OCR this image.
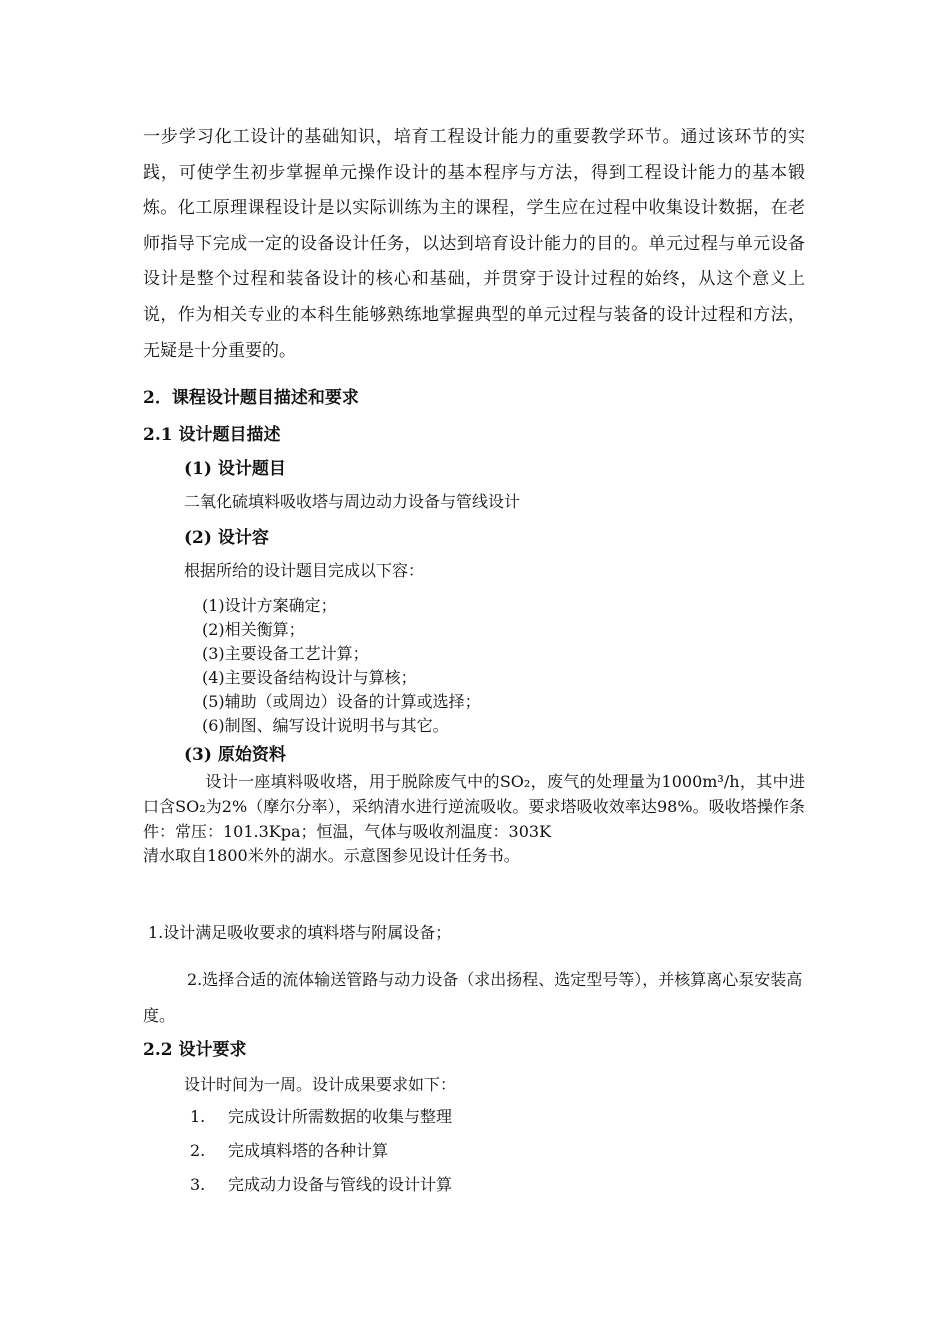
一步学习化工设计的基础知识，培育工程设计能力的重要教学环节。通过该环节的实践，可使学生初步掌握单元操作设计的基本程序与方法，得到工程设计能力的基本锻炼。化工原理课程设计是以实际训练为主的课程，学生应在过程中收集设计数据，在老师指导下完成一定的设备设计任务，以达到培育设计能力的目的。单元过程与单元设备设计是整个过程和装备设计的核心和基础，并贯穿于设计过程的始终，从这个意义上说，作为相关专业的本科生能够熟练地掌握典型的单元过程与装备的设计过程和方法，无疑是十分重要的。

2．课程设计题目描述和要求
2.1 设计题目描述
(1) 设计题目
二氧化硫填料吸收塔与周边动力设备与管线设计
(2) 设计容
根据所给的设计题目完成以下容：
(1)设计方案确定；
(2)相关衡算；
(3)主要设备工艺计算；
(4)主要设备结构设计与算核；
(5)辅助（或周边）设备的计算或选择；
(6)制图、编写设计说明书与其它。
(3) 原始资料

设计一座填料吸收塔，用于脱除废气中的SO₂，废气的处理量为1000m³/h，其中进口含SO₂为2%（摩尔分率），采纳清水进行逆流吸收。要求塔吸收效率达98%。吸收塔操作条件：常压：101.3Kpa；恒温，气体与吸收剂温度：303K
清水取自1800米外的湖水。示意图参见设计任务书。

1.设计满足吸收要求的填料塔与附属设备；

2.选择合适的流体输送管路与动力设备（求出扬程、选定型号等），并核算离心泵安装高度。

2.2 设计要求
设计时间为一周。设计成果要求如下：
1. 完成设计所需数据的收集与整理
2. 完成填料塔的各种计算
3. 完成动力设备与管线的设计计算
